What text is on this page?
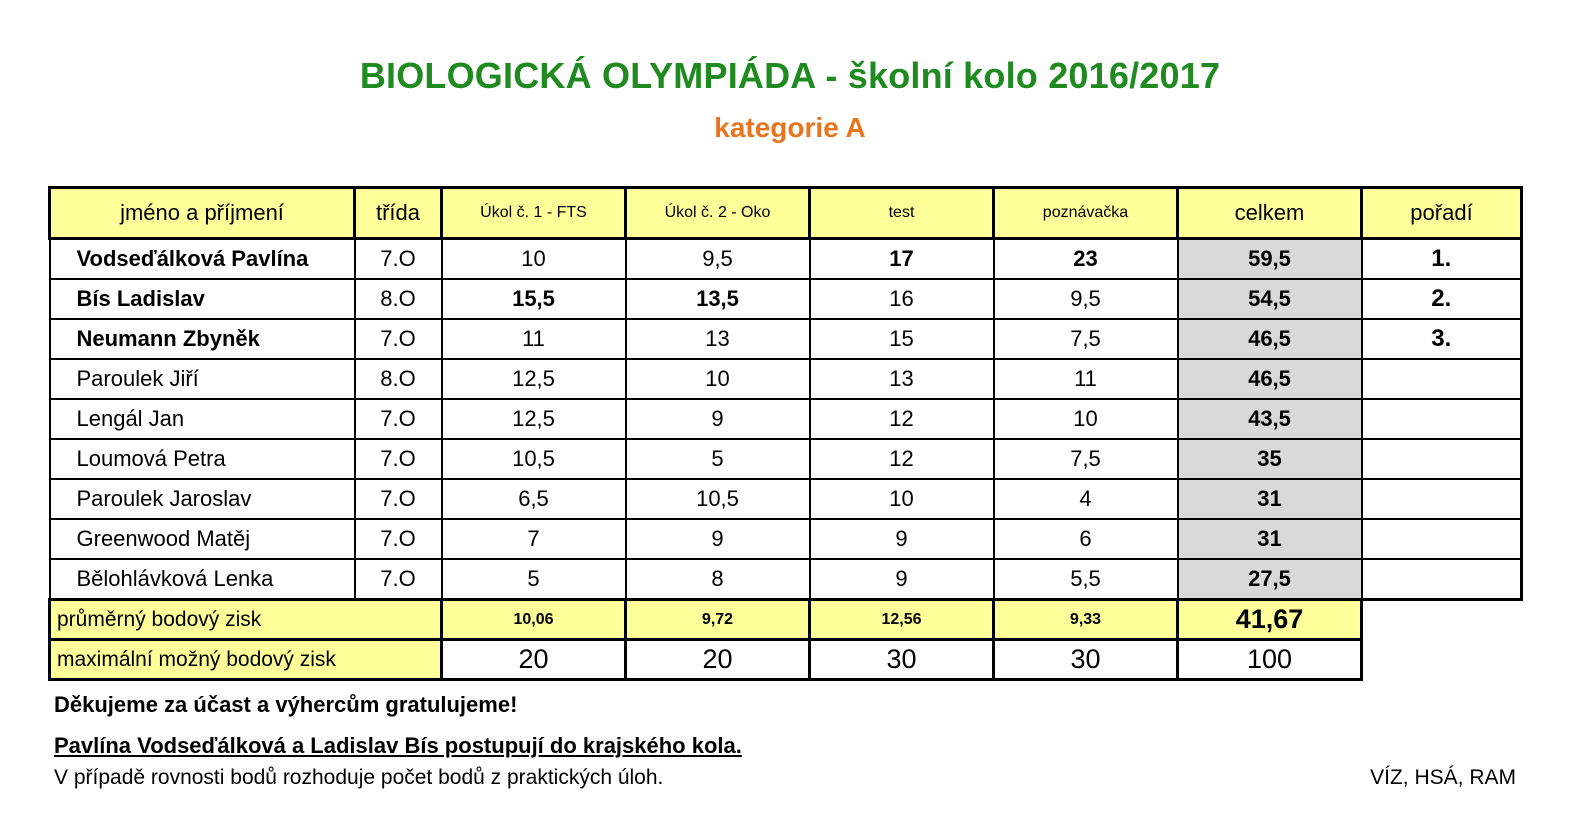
BIOLOGICKÁ OLYMPIÁDA - školní kolo 2016/2017
kategorie A
jméno a příjmení	třída	Úkol č. 1 - FTS	Úkol č. 2 - Oko	test	poznávačka	celkem	pořadí
Vodseďálková Pavlína	7.O	10	9,5	17	23	59,5	1.
Bís Ladislav	8.O	15,5	13,5	16	9,5	54,5	2.
Neumann Zbyněk	7.O	11	13	15	7,5	46,5	3.
Paroulek Jiří	8.O	12,5	10	13	11	46,5	
Lengál Jan	7.O	12,5	9	12	10	43,5	
Loumová Petra	7.O	10,5	5	12	7,5	35	
Paroulek Jaroslav	7.O	6,5	10,5	10	4	31	
Greenwood Matěj	7.O	7	9	9	6	31	
Bělohlávková Lenka	7.O	5	8	9	5,5	27,5	
průměrný bodový zisk		10,06	9,72	12,56	9,33	41,67	
maximální možný bodový zisk		20	20	30	30	100	
Děkujeme za účast a výhercům gratulujeme!
Pavlína Vodseďálková a Ladislav Bís postupují do krajského kola.
V případě rovnosti bodů rozhoduje počet bodů z praktických úloh.	VÍZ, HSÁ, RAM
